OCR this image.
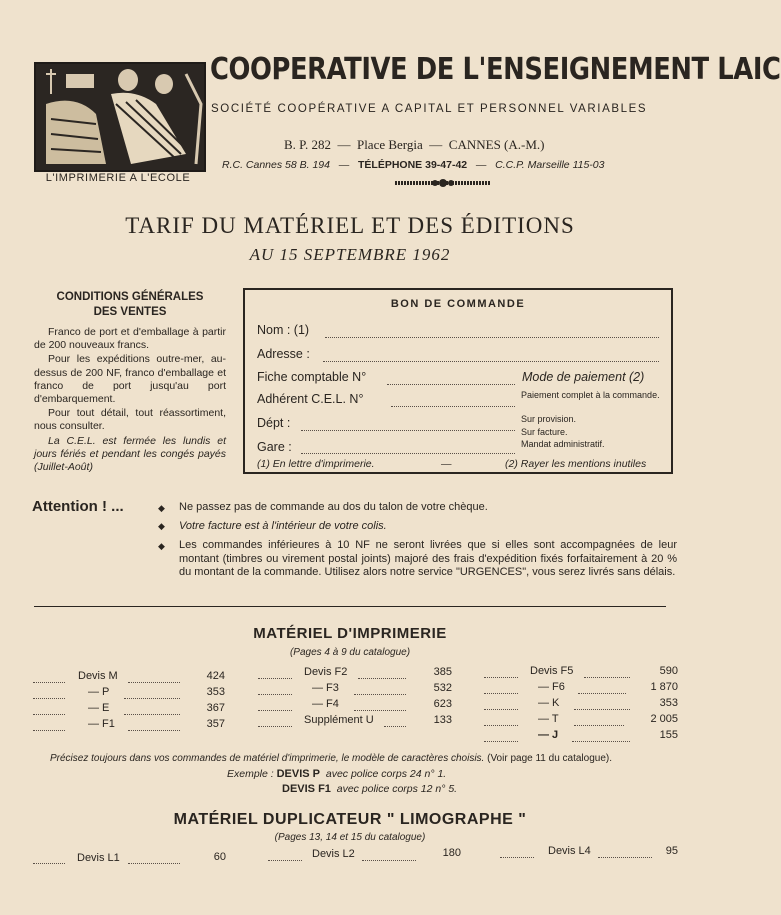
L'IMPRIMERIE A L'ECOLE
COOPERATIVE DE L'ENSEIGNEMENT LAIC
SOCIÉTÉ COOPÉRATIVE A CAPITAL ET PERSONNEL VARIABLES
B. P. 282  —  Place Bergia  —  CANNES (A.-M.)
R.C. Cannes 58 B. 194   —   TÉLÉPHONE 39-47-42   —   C.C.P. Marseille 115-03
TARIF DU MATÉRIEL ET DES ÉDITIONS
AU 15 SEPTEMBRE 1962
CONDITIONS GÉNÉRALES
DES VENTES

Franco de port et d'emballage à partir de 200 nouveaux francs.

Pour les expéditions outre-mer, au-dessus de 200 NF, franco d'emballage et franco de port jusqu'au port d'embarquement.

Pour tout détail, tout réassortiment, nous consulter.

La C.E.L. est fermée les lundis et jours fériés et pendant les congés payés (Juillet-Août)

BON DE COMMANDE
Nom : (1)
Adresse :
Fiche comptable N°	Mode de paiement (2)
Adhérent C.E.L. N°	Paiement complet à la commande.
Dépt :	Sur provision.
Sur facture.
Gare :	Mandat administratif.
(1) En lettre d'imprimerie.	—	(2) Rayer les mentions inutiles
Attention ! ...	◆ Ne passez pas de commande au dos du talon de votre chèque.
◆ Votre facture est à l'intérieur de votre colis.
◆ Les commandes inférieures à 10 NF ne seront livrées que si elles sont accompagnées de leur montant (timbres ou virement postal joints) majoré des frais d'expédition fixés forfaitairement à 20 % du montant de la commande. Utilisez alors notre service "URGENCES", vous serez livrés sans délais.
MATÉRIEL D'IMPRIMERIE
(Pages 4 à 9 du catalogue)
Devis M	424
— P	353
— E	367
— F1	357
Devis F2	385
— F3	532
— F4	623
Supplément U	133
Devis F5	590
— F6	1 870
— K	353
— T	2 005
— J	155
Précisez toujours dans vos commandes de matériel d'imprimerie, le modèle de caractères choisis. (Voir page 11 du catalogue).
Exemple : DEVIS P avec police corps 24 n° 1.
DEVIS F1 avec police corps 12 n° 5.
MATÉRIEL DUPLICATEUR " LIMOGRAPHE "
(Pages 13, 14 et 15 du catalogue)
Devis L1	60	Devis L2	180	Devis L4	95
